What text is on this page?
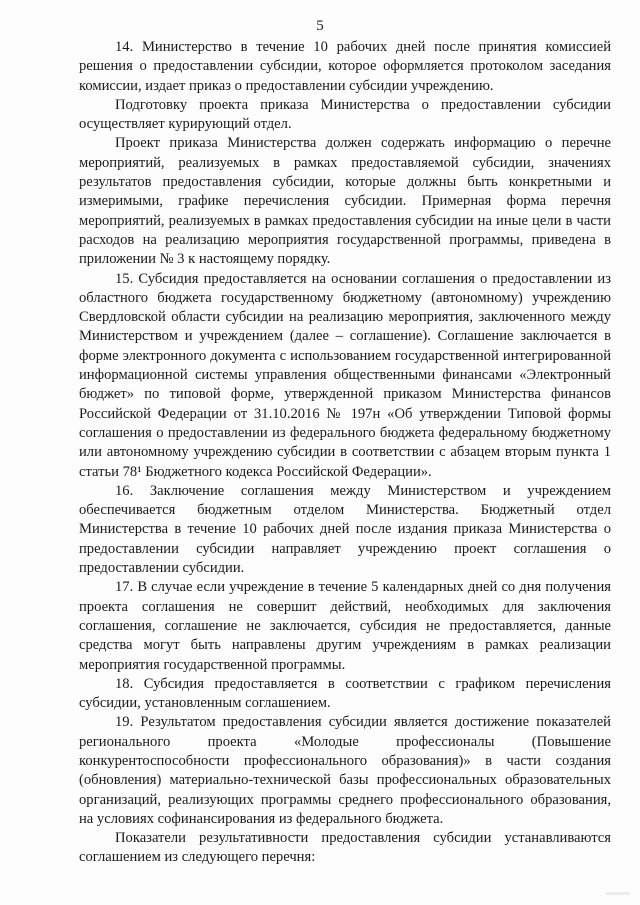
5

14. Министерство в течение 10 рабочих дней после принятия комиссией решения о предоставлении субсидии, которое оформляется протоколом заседания комиссии, издает приказ о предоставлении субсидии учреждению.

Подготовку проекта приказа Министерства о предоставлении субсидии осуществляет курирующий отдел.

Проект приказа Министерства должен содержать информацию о перечне мероприятий, реализуемых в рамках предоставляемой субсидии, значениях результатов предоставления субсидии, которые должны быть конкретными и измеримыми, графике перечисления субсидии. Примерная форма перечня мероприятий, реализуемых в рамках предоставления субсидии на иные цели в части расходов на реализацию мероприятия государственной программы, приведена в приложении № 3 к настоящему порядку.

15. Субсидия предоставляется на основании соглашения о предоставлении из областного бюджета государственному бюджетному (автономному) учреждению Свердловской области субсидии на реализацию мероприятия, заключенного между Министерством и учреждением (далее – соглашение). Соглашение заключается в форме электронного документа с использованием государственной интегрированной информационной системы управления общественными финансами «Электронный бюджет» по типовой форме, утвержденной приказом Министерства финансов Российской Федерации от 31.10.2016 № 197н «Об утверждении Типовой формы соглашения о предоставлении из федерального бюджета федеральному бюджетному или автономному учреждению субсидии в соответствии с абзацем вторым пункта 1 статьи 78¹ Бюджетного кодекса Российской Федерации».

16. Заключение соглашения между Министерством и учреждением обеспечивается бюджетным отделом Министерства. Бюджетный отдел Министерства в течение 10 рабочих дней после издания приказа Министерства о предоставлении субсидии направляет учреждению проект соглашения о предоставлении субсидии.

17. В случае если учреждение в течение 5 календарных дней со дня получения проекта соглашения не совершит действий, необходимых для заключения соглашения, соглашение не заключается, субсидия не предоставляется, данные средства могут быть направлены другим учреждениям в рамках реализации мероприятия государственной программы.

18. Субсидия предоставляется в соответствии с графиком перечисления субсидии, установленным соглашением.

19. Результатом предоставления субсидии является достижение показателей регионального проекта «Молодые профессионалы (Повышение конкурентоспособности профессионального образования)» в части создания (обновления) материально-технической базы профессиональных образовательных организаций, реализующих программы среднего профессионального образования, на условиях софинансирования из федерального бюджета.

Показатели результативности предоставления субсидии устанавливаются соглашением из следующего перечня:
